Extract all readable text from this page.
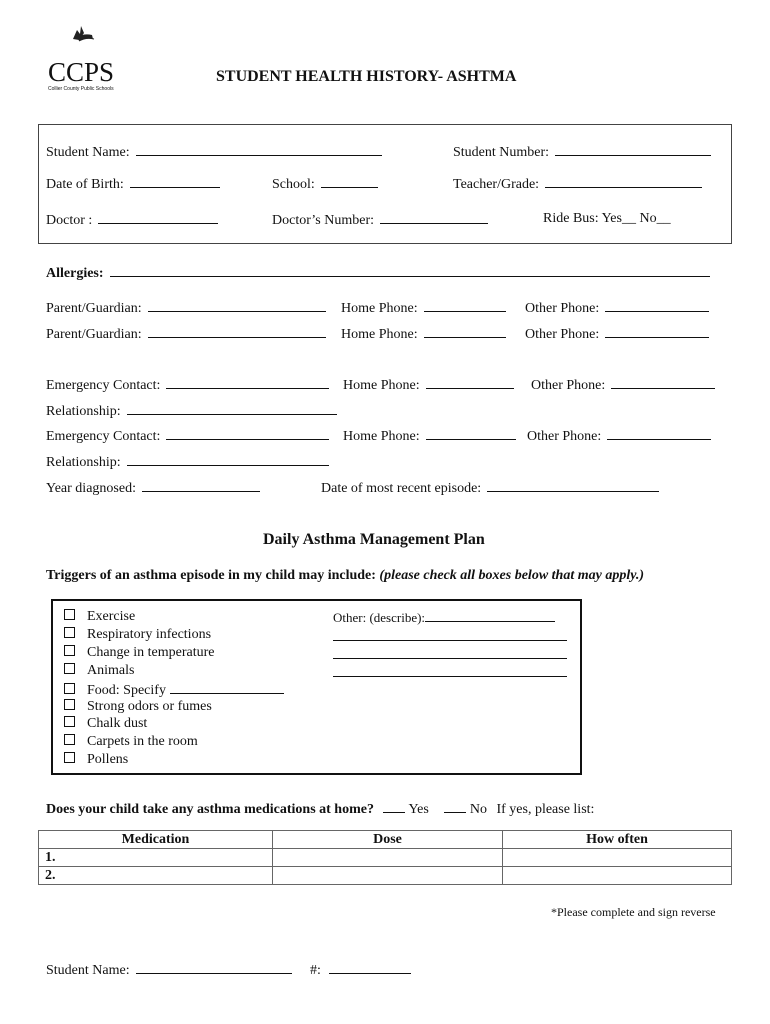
CCPS
Collier County Public Schools
STUDENT HEALTH HISTORY- ASHTMA
Student Name:	Student Number:
Date of Birth:	School:	Teacher/Grade:
Doctor :	Doctor’s Number:	Ride Bus: Yes__ No__
Allergies:
Parent/Guardian:	Home Phone:	Other Phone:
Parent/Guardian:	Home Phone:	Other Phone:
Emergency Contact:	Home Phone:	Other Phone:
Relationship:
Emergency Contact:	Home Phone:	Other Phone:
Relationship:
Year diagnosed:	Date of most recent episode:
Daily Asthma Management Plan
Triggers of an asthma episode in my child may include: (please check all boxes below that may apply.)
Exercise
Respiratory infections
Change in temperature
Animals
Food: Specify
Strong odors or fumes
Chalk dust
Carpets in the room
Pollens
Other: (describe):
Does your child take any asthma medications at home? Yes	No If yes, please list:
Medication	Dose	How often
1.		
2.		
*Please complete and sign reverse
Student Name:	#:
